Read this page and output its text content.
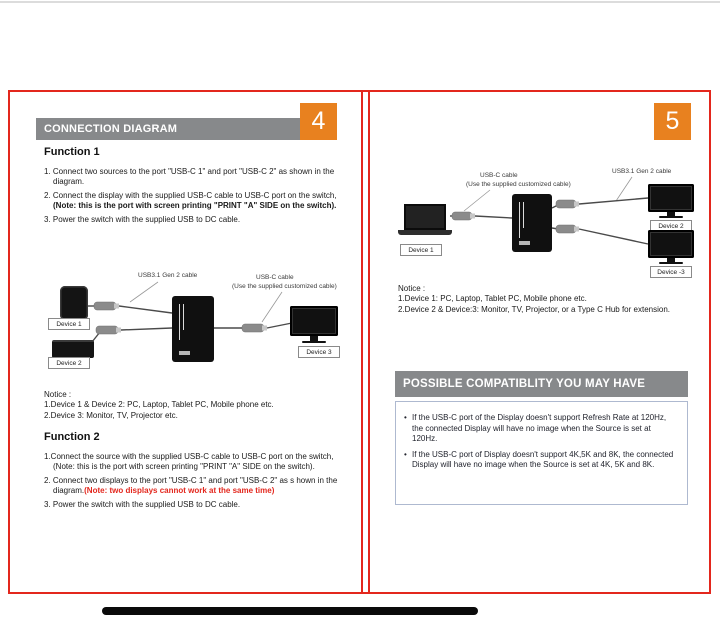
CONNECTION DIAGRAM	4
Function 1
1. Connect two sources to the port "USB-C 1" and port "USB-C 2" as shown in the diagram.
2. Connect the display with the supplied USB-C cable to USB-C port on the switch,(Note: this is the port with screen printing "PRINT "A" SIDE on the switch).
3. Power the switch with the supplied USB to DC cable.
USB3.1 Gen 2 cable	USB-C cable
(Use the supplied customized cable)
Device 1
Device 2
Device 3
Notice :
1.Device 1 & Device 2: PC, Laptop, Tablet PC, Mobile phone etc.
2.Device 3: Monitor, TV, Projector etc.
Function 2
1.Connect the source with the supplied USB-C cable to USB-C port on the switch,(Note: this is the port with screen printing "PRINT "A" SIDE on the switch).
2. Connect two displays to the port "USB-C 1" and port "USB-C 2" as s hown in the diagram.(Note: two displays cannot work at the same time)
3. Power the switch with the supplied USB to DC cable.
5
USB-C cable
(Use the supplied customized cable)
USB3.1 Gen 2 cable
Device 1
Device 2
Device -3
Notice :
1.Device 1: PC, Laptop, Tablet PC, Mobile phone etc.
2.Device 2 & Device:3: Monitor, TV, Projector, or a Type C Hub for extension.
POSSIBLE COMPATIBLITY YOU MAY HAVE
• If the USB-C port of the Display doesn't support Refresh Rate at 120Hz, the connected Display will have no image when the Source is set at 120Hz.
• If the USB-C port of Display doesn't support 4K,5K and 8K, the connected Display will have no image when the Source is set at 4K, 5K and 8K.
